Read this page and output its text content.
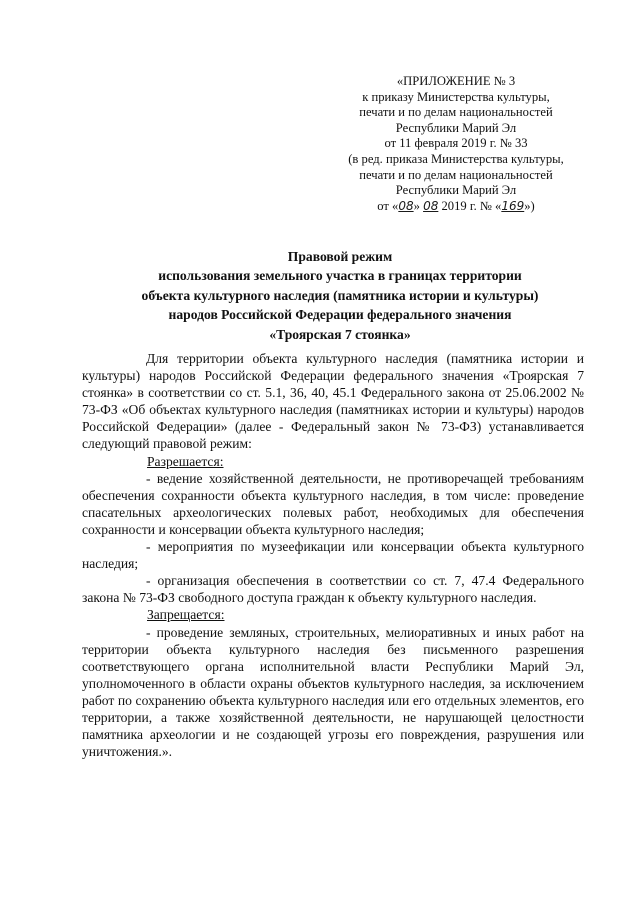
«ПРИЛОЖЕНИЕ № 3
к приказу Министерства культуры,
печати и по делам национальностей
Республики Марий Эл
от 11 февраля 2019 г. № 33
(в ред. приказа Министерства культуры,
печати и по делам национальностей
Республики Марий Эл
от «08» 08 2019 г. № «169»)
Правовой режим
использования земельного участка в границах территории
объекта культурного наследия (памятника истории и культуры)
народов Российской Федерации федерального значения
«Троярская 7 стоянка»

Для территории объекта культурного наследия (памятника истории и культуры) народов Российской Федерации федерального значения «Троярская 7 стоянка» в соответствии со ст. 5.1, 36, 40, 45.1 Федерального закона от 25.06.2002 № 73-ФЗ «Об объектах культурного наследия (памятниках истории и культуры) народов Российской Федерации» (далее - Федеральный закон № 73-ФЗ) устанавливается следующий правовой режим:

Разрешается:

- ведение хозяйственной деятельности, не противоречащей требованиям обеспечения сохранности объекта культурного наследия, в том числе: проведение спасательных археологических полевых работ, необходимых для обеспечения сохранности и консервации объекта культурного наследия;

- мероприятия по музеефикации или консервации объекта культурного наследия;

- организация обеспечения в соответствии со ст. 7, 47.4 Федерального закона № 73-ФЗ свободного доступа граждан к объекту культурного наследия.

Запрещается:

- проведение земляных, строительных, мелиоративных и иных работ на территории объекта культурного наследия без письменного разрешения соответствующего органа исполнительной власти Республики Марий Эл, уполномоченного в области охраны объектов культурного наследия, за исключением работ по сохранению объекта культурного наследия или его отдельных элементов, его территории, а также хозяйственной деятельности, не нарушающей целостности памятника археологии и не создающей угрозы его повреждения, разрушения или уничтожения.».
